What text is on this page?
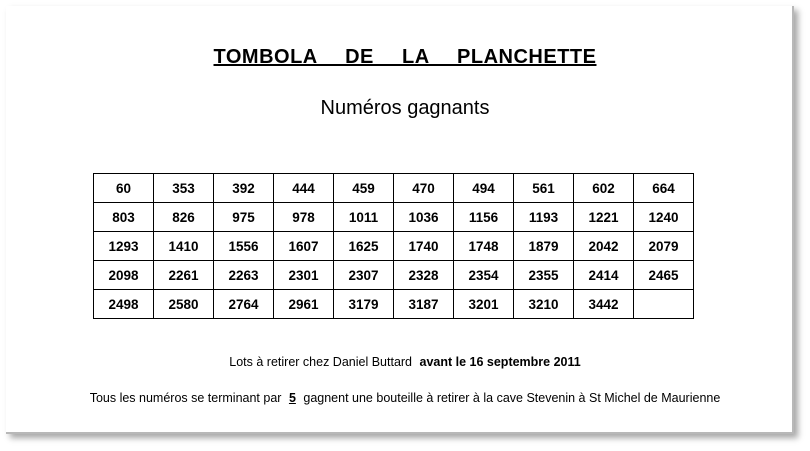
TOMBOLA  DE  LA  PLANCHETTE
Numéros gagnants
60	353	392	444	459	470	494	561	602	664
803	826	975	978	1011	1036	1156	1193	1221	1240
1293	1410	1556	1607	1625	1740	1748	1879	2042	2079
2098	2261	2263	2301	2307	2328	2354	2355	2414	2465
2498	2580	2764	2961	3179	3187	3201	3210	3442	
Lots à retirer chez Daniel Buttard avant le 16 septembre 2011
Tous les numéros se terminant par 5 gagnent une bouteille à retirer à la cave Stevenin à St Michel de Maurienne
